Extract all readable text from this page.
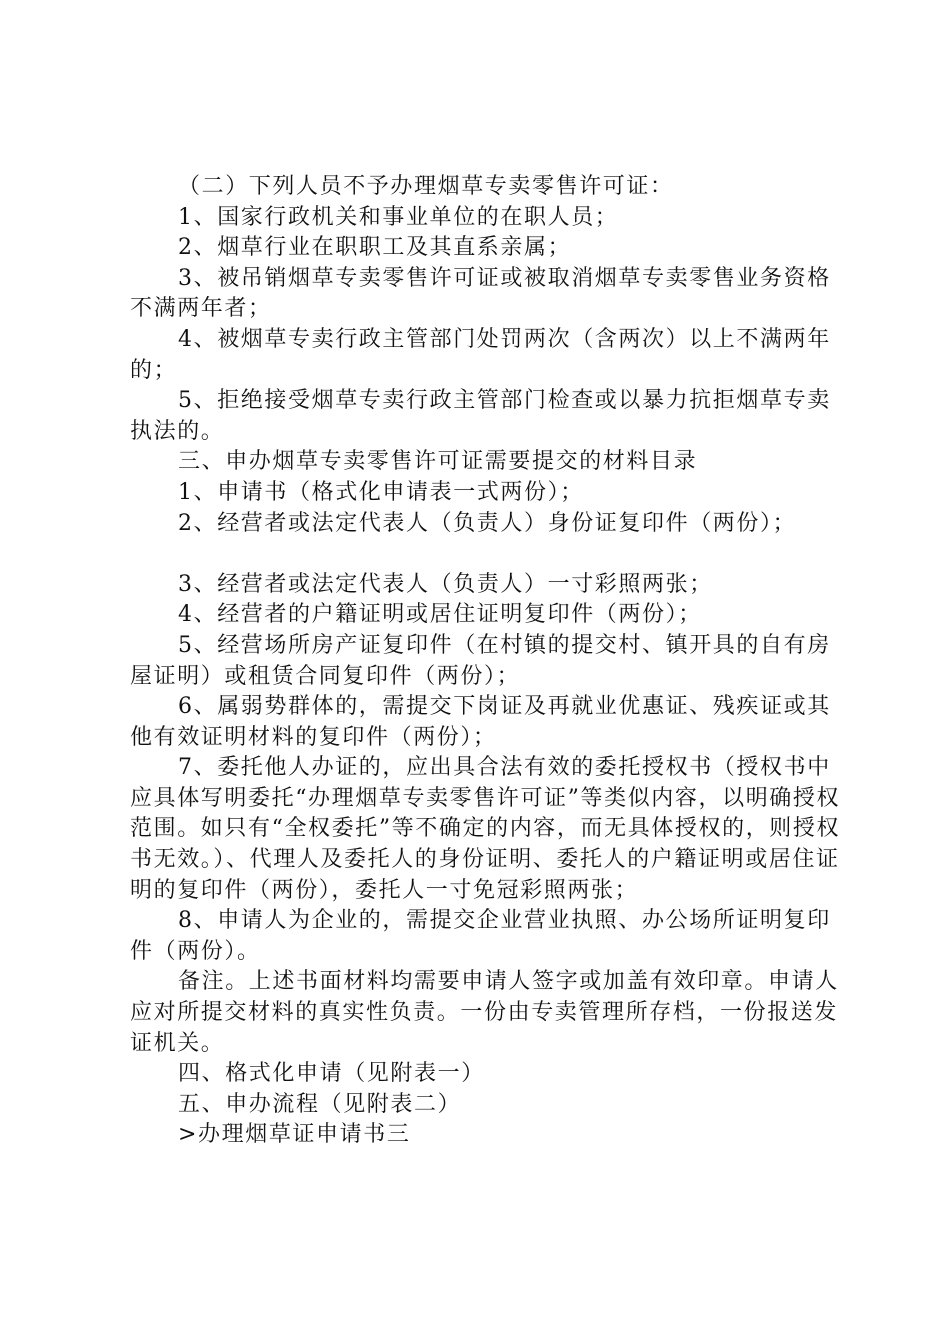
（二）下列人员不予办理烟草专卖零售许可证：

1、国家行政机关和事业单位的在职人员；

2、烟草行业在职职工及其直系亲属；

3、被吊销烟草专卖零售许可证或被取消烟草专卖零售业务资格不满两年者；

4、被烟草专卖行政主管部门处罚两次（含两次）以上不满两年的；

5、拒绝接受烟草专卖行政主管部门检查或以暴力抗拒烟草专卖执法的。

三、申办烟草专卖零售许可证需要提交的材料目录

1、申请书（格式化申请表一式两份）；

2、经营者或法定代表人（负责人）身份证复印件（两份）；

3、经营者或法定代表人（负责人）一寸彩照两张；

4、经营者的户籍证明或居住证明复印件（两份）；

5、经营场所房产证复印件（在村镇的提交村、镇开具的自有房屋证明）或租赁合同复印件（两份）；

6、属弱势群体的，需提交下岗证及再就业优惠证、残疾证或其他有效证明材料的复印件（两份）；

7、委托他人办证的，应出具合法有效的委托授权书（授权书中应具体写明委托“办理烟草专卖零售许可证”等类似内容，以明确授权范围。如只有“全权委托”等不确定的内容，而无具体授权的，则授权书无效。）、代理人及委托人的身份证明、委托人的户籍证明或居住证明的复印件（两份），委托人一寸免冠彩照两张；

8、申请人为企业的，需提交企业营业执照、办公场所证明复印件（两份）。

备注。上述书面材料均需要申请人签字或加盖有效印章。申请人应对所提交材料的真实性负责。一份由专卖管理所存档，一份报送发证机关。

四、格式化申请（见附表一）

五、申办流程（见附表二）

>办理烟草证申请书三
